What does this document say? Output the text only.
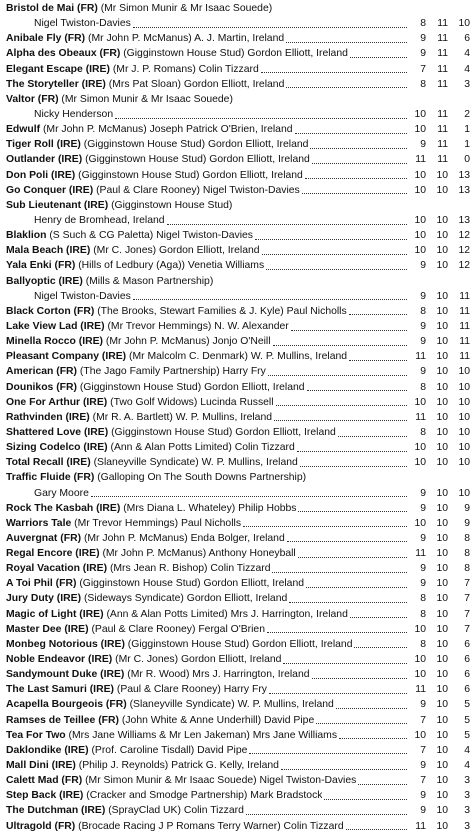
Bristol de Mai (FR) (Mr Simon Munir & Mr Isaac Souede)
Nigel Twiston-Davies	8	11	10
Anibale Fly (FR) (Mr John P. McManus) A. J. Martin, Ireland	9	11	6
Alpha des Obeaux (FR) (Gigginstown House Stud) Gordon Elliott, Ireland	9	11	4
Elegant Escape (IRE) (Mr J. P. Romans) Colin Tizzard	7	11	4
The Storyteller (IRE) (Mrs Pat Sloan) Gordon Elliott, Ireland	8	11	3
Valtor (FR) (Mr Simon Munir & Mr Isaac Souede)
Nicky Henderson	10	11	2
Edwulf (Mr John P. McManus) Joseph Patrick O'Brien, Ireland	10	11	1
Tiger Roll (IRE) (Gigginstown House Stud) Gordon Elliott, Ireland	9	11	1
Outlander (IRE) (Gigginstown House Stud) Gordon Elliott, Ireland	11	11	0
Don Poli (IRE) (Gigginstown House Stud) Gordon Elliott, Ireland	10	10	13
Go Conquer (IRE) (Paul & Clare Rooney) Nigel Twiston-Davies	10	10	13
Sub Lieutenant (IRE) (Gigginstown House Stud)
Henry de Bromhead, Ireland	10	10	13
Blaklion (S Such & CG Paletta) Nigel Twiston-Davies	10	10	12
Mala Beach (IRE) (Mr C. Jones) Gordon Elliott, Ireland	10	10	12
Yala Enki (FR) (Hills of Ledbury (Aga)) Venetia Williams	9	10	12
Ballyoptic (IRE) (Mills & Mason Partnership)
Nigel Twiston-Davies	9	10	11
Black Corton (FR) (The Brooks, Stewart Families & J. Kyle) Paul Nicholls	8	10	11
Lake View Lad (IRE) (Mr Trevor Hemmings) N. W. Alexander	9	10	11
Minella Rocco (IRE) (Mr John P. McManus) Jonjo O'Neill	9	10	11
Pleasant Company (IRE) (Mr Malcolm C. Denmark) W. P. Mullins, Ireland	11	10	11
American (FR) (The Jago Family Partnership) Harry Fry	9	10	10
Dounikos (FR) (Gigginstown House Stud) Gordon Elliott, Ireland	8	10	10
One For Arthur (IRE) (Two Golf Widows) Lucinda Russell	10	10	10
Rathvinden (IRE) (Mr R. A. Bartlett) W. P. Mullins, Ireland	11	10	10
Shattered Love (IRE) (Gigginstown House Stud) Gordon Elliott, Ireland	8	10	10
Sizing Codelco (IRE) (Ann & Alan Potts Limited) Colin Tizzard	10	10	10
Total Recall (IRE) (Slaneyville Syndicate) W. P. Mullins, Ireland	10	10	10
Traffic Fluide (FR) (Galloping On The South Downs Partnership)
Gary Moore	9	10	10
Rock The Kasbah (IRE) (Mrs Diana L. Whateley) Philip Hobbs	9	10	9
Warriors Tale (Mr Trevor Hemmings) Paul Nicholls	10	10	9
Auvergnat (FR) (Mr John P. McManus) Enda Bolger, Ireland	9	10	8
Regal Encore (IRE) (Mr John P. McManus) Anthony Honeyball	11	10	8
Royal Vacation (IRE) (Mrs Jean R. Bishop) Colin Tizzard	9	10	8
A Toi Phil (FR) (Gigginstown House Stud) Gordon Elliott, Ireland	9	10	7
Jury Duty (IRE) (Sideways Syndicate) Gordon Elliott, Ireland	8	10	7
Magic of Light (IRE) (Ann & Alan Potts Limited) Mrs J. Harrington, Ireland	8	10	7
Master Dee (IRE) (Paul & Clare Rooney) Fergal O'Brien	10	10	7
Monbeg Notorious (IRE) (Gigginstown House Stud) Gordon Elliott, Ireland	8	10	6
Noble Endeavor (IRE) (Mr C. Jones) Gordon Elliott, Ireland	10	10	6
Sandymount Duke (IRE) (Mr R. Wood) Mrs J. Harrington, Ireland	10	10	6
The Last Samuri (IRE) (Paul & Clare Rooney) Harry Fry	11	10	6
Acapella Bourgeois (FR) (Slaneyville Syndicate) W. P. Mullins, Ireland	9	10	5
Ramses de Teillee (FR) (John White & Anne Underhill) David Pipe	7	10	5
Tea For Two (Mrs Jane Williams & Mr Len Jakeman) Mrs Jane Williams	10	10	5
Daklondike (IRE) (Prof. Caroline Tisdall) David Pipe	7	10	4
Mall Dini (IRE) (Philip J. Reynolds) Patrick G. Kelly, Ireland	9	10	4
Calett Mad (FR) (Mr Simon Munir & Mr Isaac Souede) Nigel Twiston-Davies	7	10	3
Step Back (IRE) (Cracker and Smodge Partnership) Mark Bradstock	9	10	3
The Dutchman (IRE) (SprayClad UK) Colin Tizzard	9	10	3
Ultragold (FR) (Brocade Racing J P Romans Terry Warner) Colin Tizzard	11	10	3
